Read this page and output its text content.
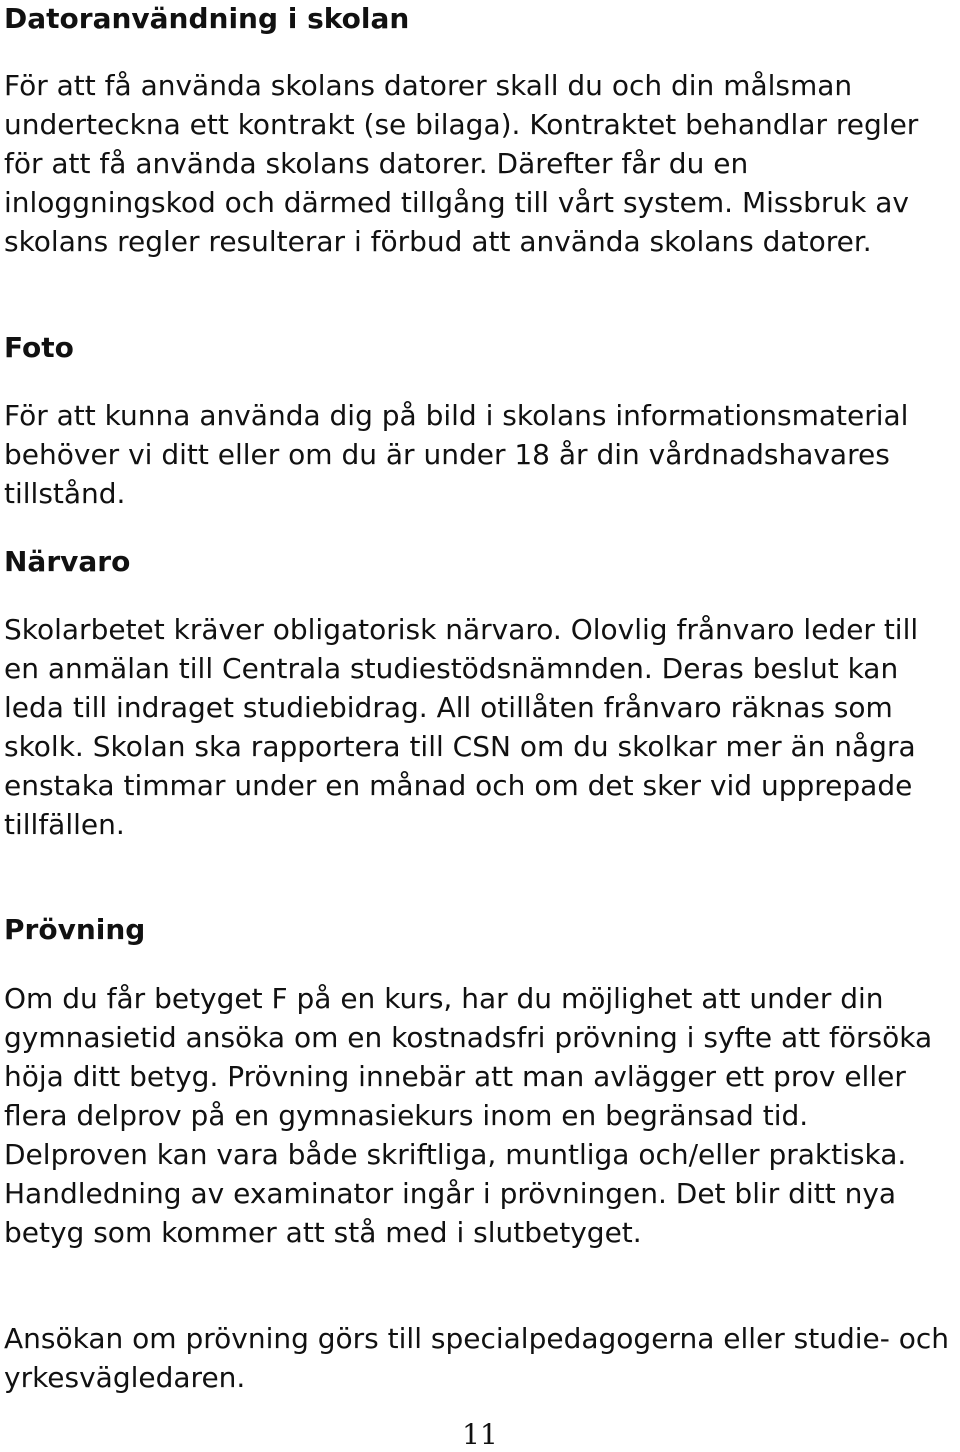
Datoranvändning i skolan

För att få använda skolans datorer skall du och din målsman underteckna ett kontrakt (se bilaga). Kontraktet behandlar regler för att få använda skolans datorer. Därefter får du en inloggningskod och därmed tillgång till vårt system. Missbruk av skolans regler resulterar i förbud att använda skolans datorer.

Foto

För att kunna använda dig på bild i skolans informationsmaterial behöver vi ditt eller om du är under 18 år din vårdnadshavares tillstånd.

Närvaro

Skolarbetet kräver obligatorisk närvaro. Olovlig frånvaro leder till en anmälan till Centrala studiestödsnämnden. Deras beslut kan leda till indraget studiebidrag. All otillåten frånvaro räknas som skolk. Skolan ska rapportera till CSN om du skolkar mer än några enstaka timmar under en månad och om det sker vid upprepade tillfällen.

Prövning

Om du får betyget F på en kurs, har du möjlighet att under din gymnasietid ansöka om en kostnadsfri prövning i syfte att försöka höja ditt betyg. Prövning innebär att man avlägger ett prov eller flera delprov på en gymnasiekurs inom en begränsad tid. Delproven kan vara både skriftliga, muntliga och/eller praktiska. Handledning av examinator ingår i prövningen. Det blir ditt nya betyg som kommer att stå med i slutbetyget.

Ansökan om prövning görs till specialpedagogerna eller studie- och yrkesvägledaren.

11
